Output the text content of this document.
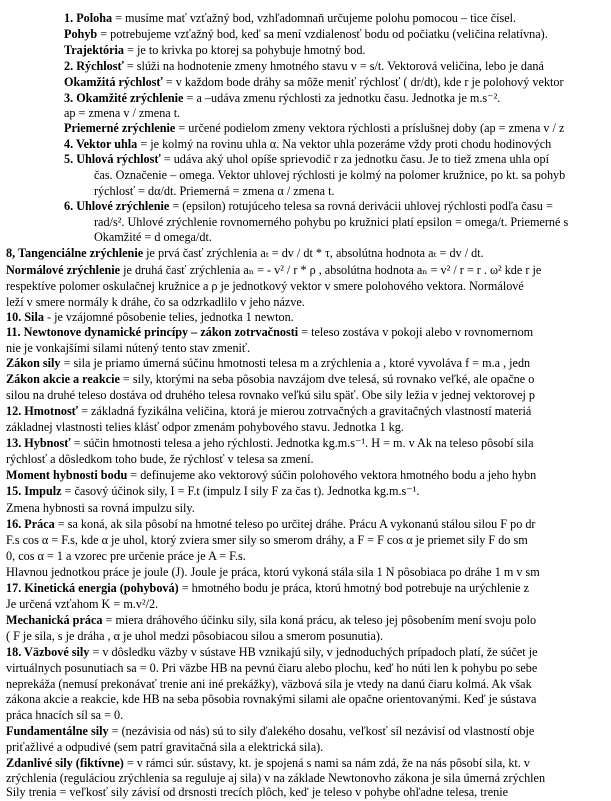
1. Poloha = musíme mať vzťažný bod, vzhľadomnaň určujeme polohu pomocou – tice čísel.
Pohyb = potrebujeme vzťažný bod, keď sa mení vzdialenosť bodu od počiatku (veličina relatívna).
Trajektória = je to krivka po ktorej sa pohybuje hmotný bod.
2. Rýchlosť = slúži na hodnotenie zmeny hmotného stavu v = s/t. Vektorová veličina, lebo je daná
Okamžitá rýchlosť = v každom bode dráhy sa môže meniť rýchlosť ( dr/dt), kde r je polohový vektor
3. Okamžité zrýchlenie = a –udáva zmenu rýchlosti za jednotku času. Jednotka je m.s⁻².
ap = zmena v / zmena t.
Priemerné zrýchlenie = určené podielom zmeny vektora rýchlosti a príslušnej doby (ap = zmena v / z
4. Vektor uhla = je kolmý na rovinu uhla α. Na vektor uhla pozeráme vždy proti chodu hodinových
5. Uhlová rýchlosť = udáva aký uhol opíše sprievodič r za jednotku času. Je to tiež zmena uhla opí
čas. Označenie – omega. Vektor uhlovej rýchlosti je kolmý na polomer kružnice, po kt. sa pohyb
rýchlosť = dα/dt. Priemerná = zmena α / zmena t.
6. Uhlové zrýchlenie = (epsilon) rotujúceho telesa sa rovná derivácii uhlovej rýchlosti podľa času =
rad/s². Uhlové zrýchlenie rovnomerného pohybu po kružnici platí epsilon = omega/t. Priemerné s
Okamžité = d omega/dt.
8, Tangenciálne zrýchlenie je prvá časť zrýchlenia aₜ = dv / dt * τ, absolútna hodnota aₜ = dv / dt.
Normálové zrýchlenie je druhá časť zrýchlenia aₙ = - v² / r * ρ , absolútna hodnota aₙ = v² / r = r . ω² kde r je
respektíve polomer oskulačnej kružnice a ρ je jednotkový vektor v smere polohového vektora. Normálové
leží v smere normály k dráhe, čo sa odzrkadlilo v jeho názve.
10. Sila - je vzájomné pôsobenie telies, jednotka 1 newton.
11. Newtonove dynamické princípy – zákon zotrvačnosti = teleso zostáva v pokoji alebo v rovnomernom
nie je vonkajšími silami nútený tento stav zmeniť.
Zákon sily = sila je priamo úmerná súčinu hmotnosti telesa m a zrýchlenia a , ktoré vyvoláva f = m.a , jedn
Zákon akcie a reakcie = sily, ktorými na seba pôsobia navzájom dve telesá, sú rovnako veľké, ale opačne o
silou na druhé teleso dostáva od druhého telesa rovnako veľkú silu späť. Obe sily ležia v jednej vektorovej p
12. Hmotnosť = základná fyzikálna veličina, ktorá je mierou zotrvačných a gravitačných vlastností materiá
základnej vlastnosti telies klásť odpor zmenám pohybového stavu. Jednotka 1 kg.
13. Hybnosť = súčin hmotnosti telesa a jeho rýchlosti. Jednotka kg.m.s⁻¹. H = m. v Ak na teleso pôsobí sila
rýchlosť a dôsledkom toho bude, že rýchlosť v telesa sa zmení.
Moment hybnosti bodu = definujeme ako vektorový súčin polohového vektora hmotného bodu a jeho hybn
15. Impulz = časový účinok sily, I = F.t (impulz I sily F za čas t). Jednotka kg.m.s⁻¹.
Zmena hybnosti sa rovná impulzu sily.
16. Práca = sa koná, ak sila pôsobí na hmotné teleso po určitej dráhe. Prácu A vykonanú stálou silou F po dr
F.s cos α = F.s, kde α je uhol, ktorý zviera smer sily so smerom dráhy, a F = F cos α je priemet sily F do sm
0, cos α = 1 a vzorec pre určenie práce je A = F.s.
Hlavnou jednotkou práce je joule (J). Joule je práca, ktorú vykoná stála sila 1 N pôsobiaca po dráhe 1 m v sm
17. Kinetická energia (pohybová) = hmotného bodu je práca, ktorú hmotný bod potrebuje na urýchlenie z
Je určená vzťahom K = m.v²/2.
Mechanická práca = miera dráhového účinku sily, sila koná prácu, ak teleso jej pôsobením mení svoju polo
( F je sila, s je dráha , α je uhol medzi pôsobiacou silou a smerom posunutia).
18. Väzbové sily = v dôsledku väzby v sústave HB vznikajú sily, v jednoduchých prípadoch platí, že súčet je
virtuálnych posunutiach sa = 0. Pri väzbe HB na pevnú čiaru alebo plochu, keď ho núti len k pohybu po sebe
neprekáža (nemusí prekonávať trenie ani iné prekážky), väzbová sila je vtedy na danú čiaru kolmá. Ak však
zákona akcie a reakcie, kde HB na seba pôsobia rovnakými silami ale opačne orientovanými. Keď je sústava
práca hnacích síl sa = 0.
Fundamentálne sily = (nezávisia od nás) sú to sily ďalekého dosahu, veľkosť síl nezávisí od vlastností obje
priťažlivé a odpudivé (sem patrí gravitačná sila a elektrická sila).
Zdanlivé sily (fiktívne) = v rámci súr. sústavy, kt. je spojená s nami sa nám zdá, že na nás pôsobí sila, kt. v
zrýchlenia (reguláciou zrýchlenia sa reguluje aj sila) v na základe Newtonovho zákona je sila úmerná zrýchlen
Sily trenia = veľkosť sily závisí od drsnosti trecích plôch, keď je teleso v pohybe ohľadne telesa, trenie
